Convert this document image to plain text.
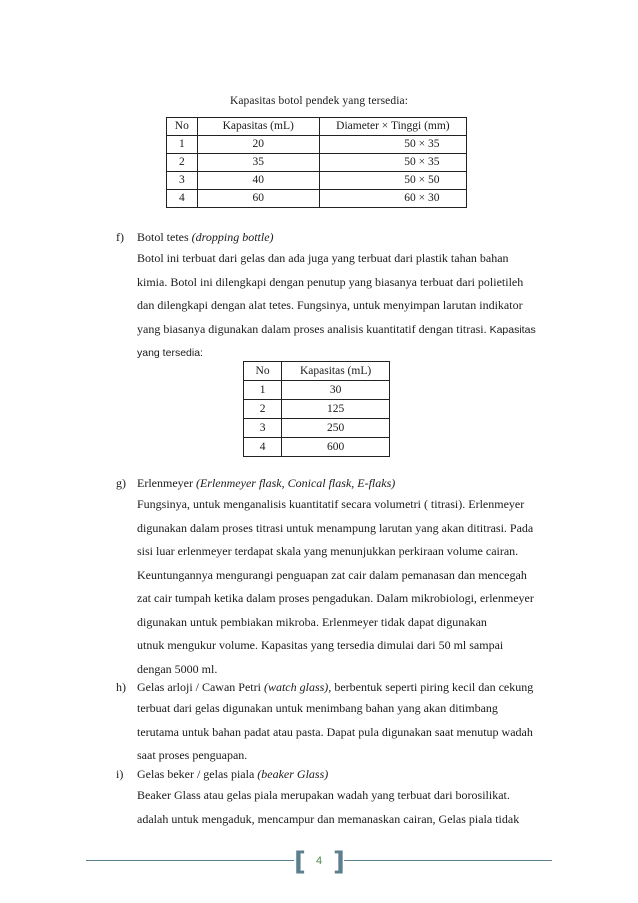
Kapasitas botol pendek yang tersedia:
No	Kapasitas (mL)	Diameter × Tinggi (mm)
1	20	50 × 35
2	35	50 × 35
3	40	50 × 50
4	60	60 × 30
f) Botol tetes (dropping bottle)
Botol ini terbuat dari gelas dan ada juga yang terbuat dari plastik tahan bahan
kimia. Botol ini dilengkapi dengan penutup yang biasanya terbuat dari polietileh
dan dilengkapi dengan alat tetes. Fungsinya, untuk menyimpan larutan indikator
yang biasanya digunakan dalam proses analisis kuantitatif dengan titrasi. Kapasitas
yang tersedia:
No	Kapasitas (mL)
1	30
2	125
3	250
4	600
g) Erlenmeyer (Erlenmeyer flask, Conical flask, E-flaks)
Fungsinya, untuk menganalisis kuantitatif secara volumetri ( titrasi). Erlenmeyer
digunakan dalam proses titrasi untuk menampung larutan yang akan dititrasi. Pada
sisi luar erlenmeyer terdapat skala yang menunjukkan perkiraan volume cairan.
Keuntungannya mengurangi penguapan zat cair dalam pemanasan dan mencegah
zat cair tumpah ketika dalam proses pengadukan. Dalam mikrobiologi, erlenmeyer
digunakan untuk pembiakan mikroba. Erlenmeyer tidak dapat digunakan
utnuk mengukur volume. Kapasitas yang tersedia dimulai dari 50 ml sampai
dengan 5000 ml.
h) Gelas arloji / Cawan Petri (watch glass), berbentuk seperti piring kecil dan cekung
terbuat dari gelas digunakan untuk menimbang bahan yang akan ditimbang
terutama untuk bahan padat atau pasta. Dapat pula digunakan saat menutup wadah
saat proses penguapan.
i) Gelas beker / gelas piala (beaker Glass)
Beaker Glass atau gelas piala merupakan wadah yang terbuat dari borosilikat.
adalah untuk mengaduk, mencampur dan memanaskan cairan, Gelas piala tidak
[ ]
4
